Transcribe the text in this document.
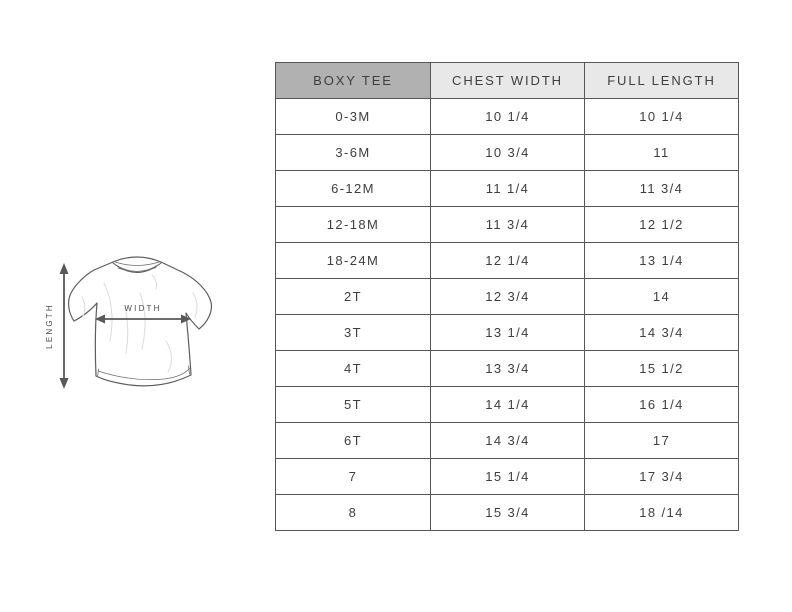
WIDTH
LENGTH
BOXY TEE	CHEST WIDTH	FULL LENGTH
0-3M	10 1/4	10 1/4
3-6M	10 3/4	11
6-12M	11 1/4	11 3/4
12-18M	11 3/4	12 1/2
18-24M	12 1/4	13 1/4
2T	12 3/4	14
3T	13 1/4	14 3/4
4T	13 3/4	15 1/2
5T	14 1/4	16 1/4
6T	14 3/4	17
7	15 1/4	17 3/4
8	15 3/4	18 /14
